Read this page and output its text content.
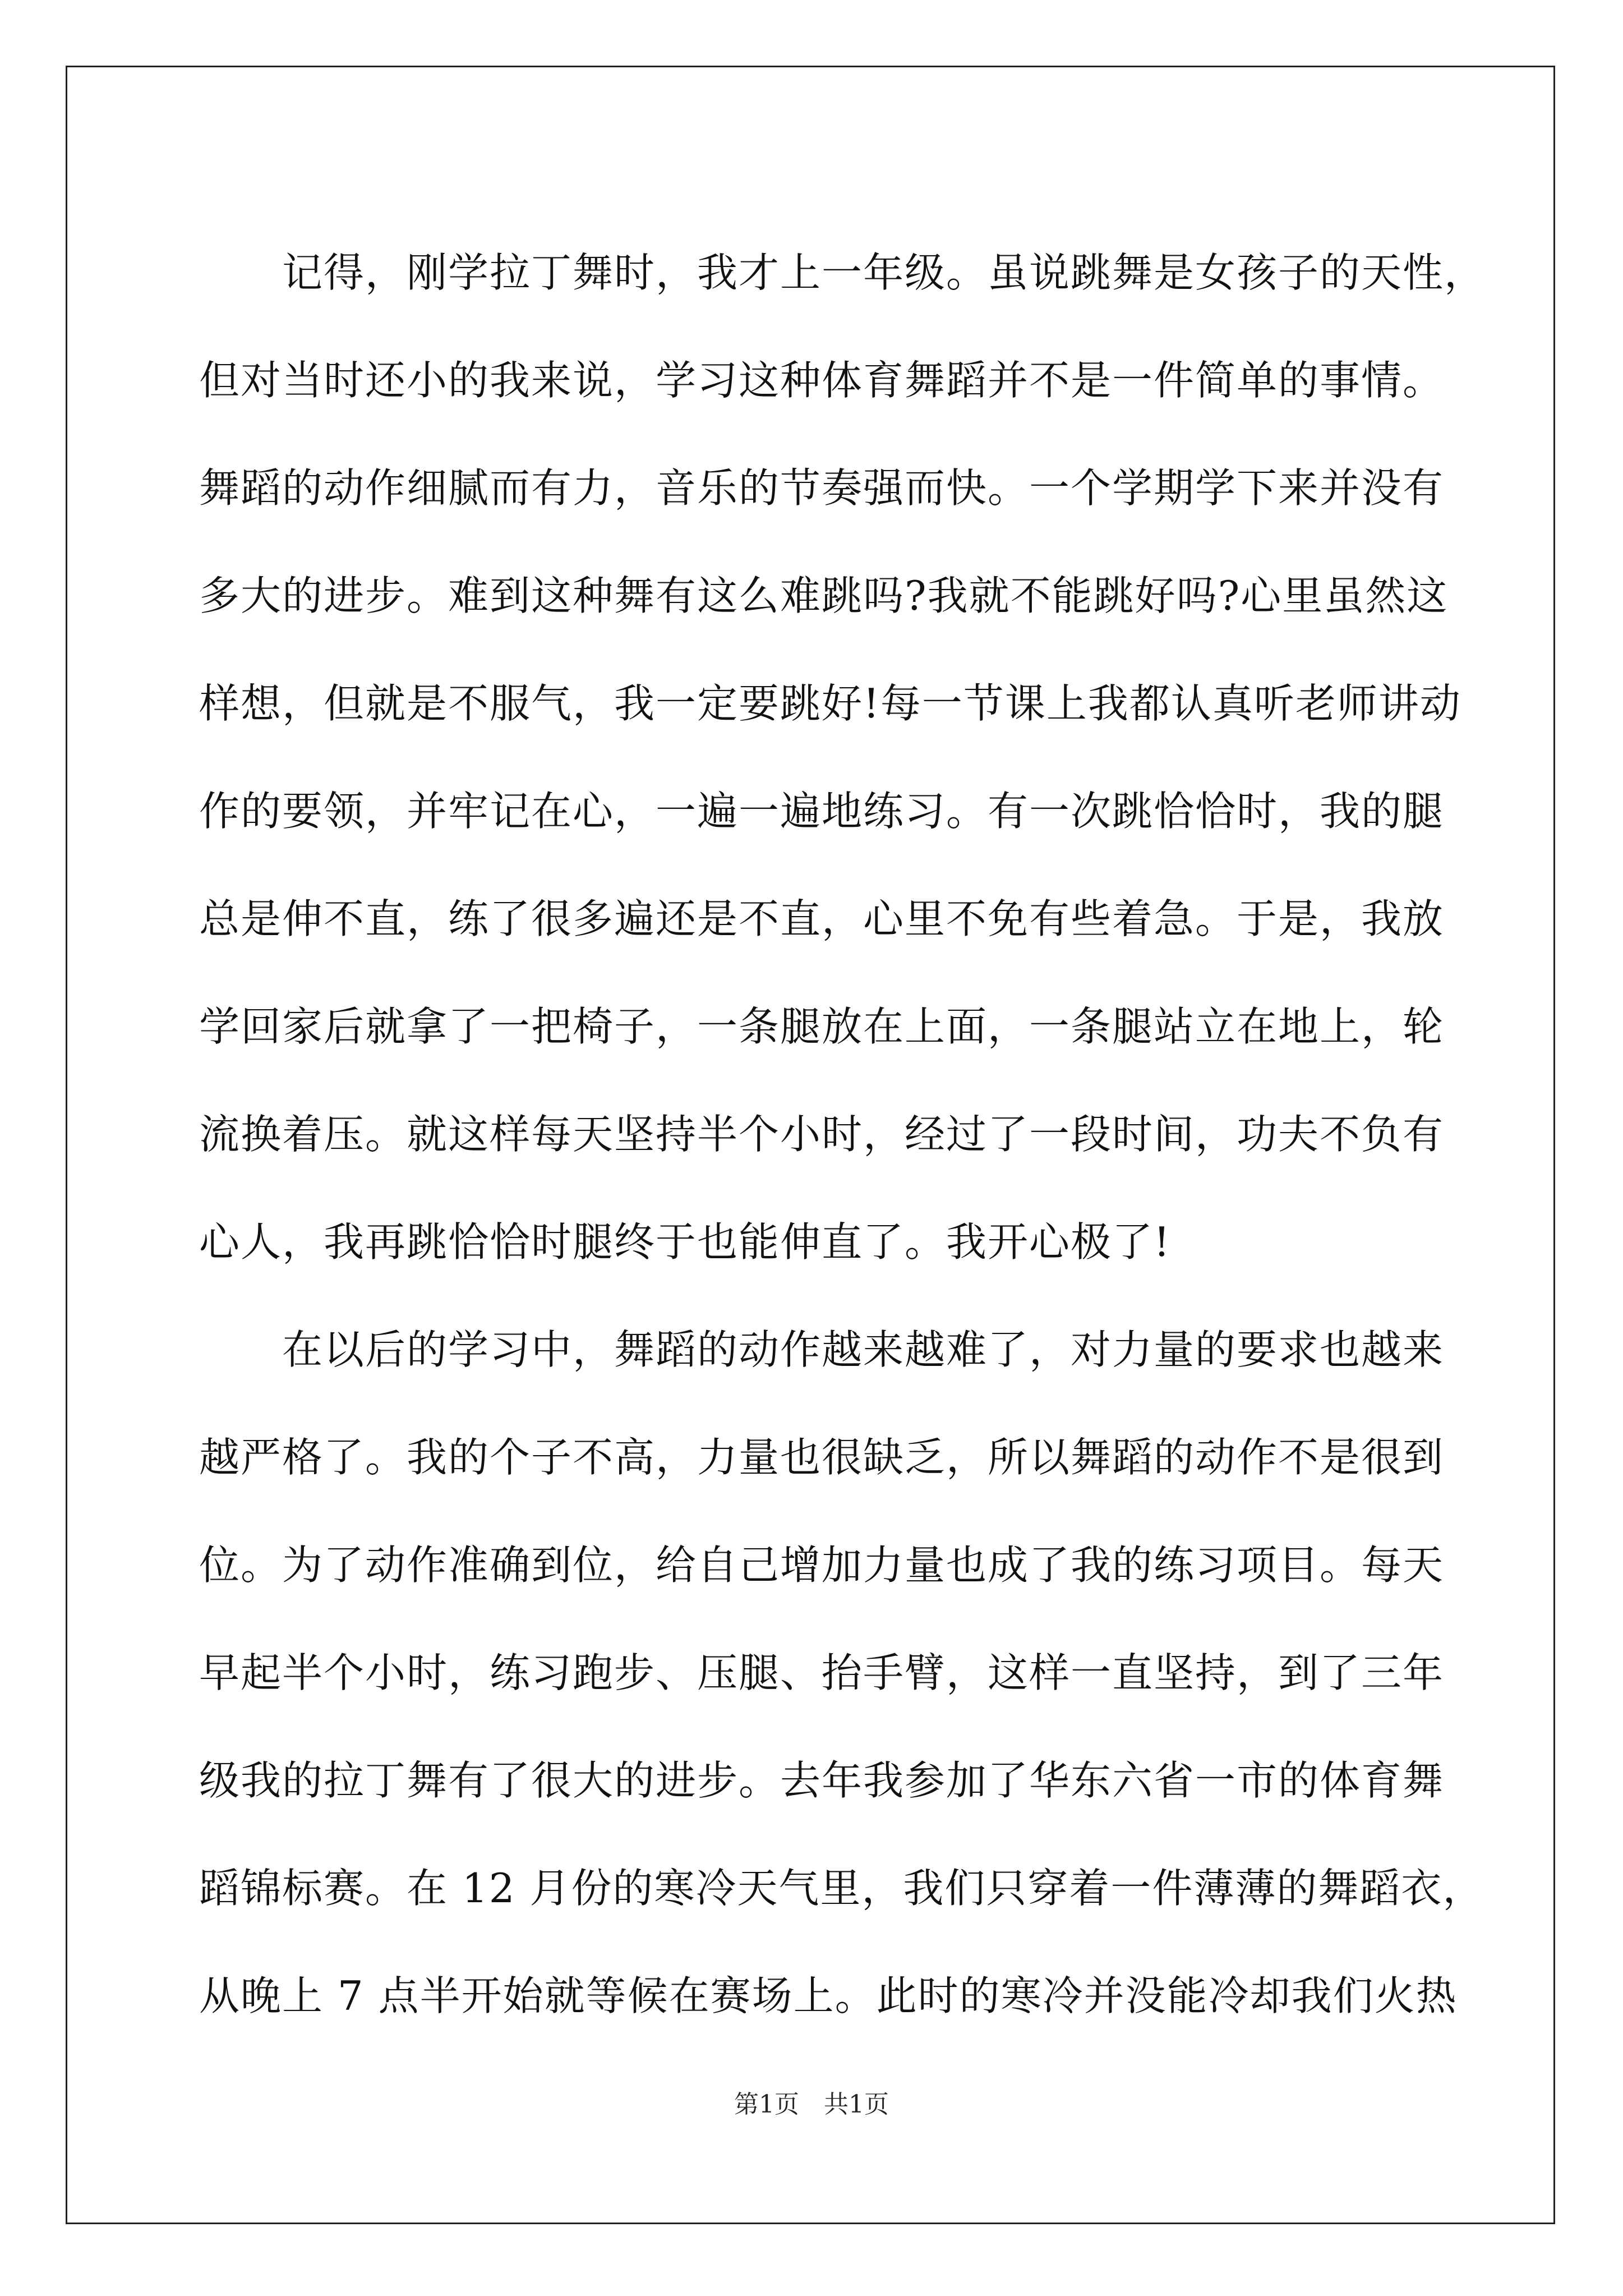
　　记得，刚学拉丁舞时，我才上一年级。虽说跳舞是女孩子的天性，
但对当时还小的我来说，学习这种体育舞蹈并不是一件简单的事情。
舞蹈的动作细腻而有力，音乐的节奏强而快。一个学期学下来并没有
多大的进步。难到这种舞有这么难跳吗?我就不能跳好吗?心里虽然这
样想，但就是不服气，我一定要跳好!每一节课上我都认真听老师讲动
作的要领，并牢记在心，一遍一遍地练习。有一次跳恰恰时，我的腿
总是伸不直，练了很多遍还是不直，心里不免有些着急。于是，我放
学回家后就拿了一把椅子，一条腿放在上面，一条腿站立在地上，轮
流换着压。就这样每天坚持半个小时，经过了一段时间，功夫不负有
心人，我再跳恰恰时腿终于也能伸直了。我开心极了!
　　在以后的学习中，舞蹈的动作越来越难了，对力量的要求也越来
越严格了。我的个子不高，力量也很缺乏，所以舞蹈的动作不是很到
位。为了动作准确到位，给自己增加力量也成了我的练习项目。每天
早起半个小时，练习跑步、压腿、抬手臂，这样一直坚持，到了三年
级我的拉丁舞有了很大的进步。去年我参加了华东六省一市的体育舞
蹈锦标赛。在 12 月份的寒冷天气里，我们只穿着一件薄薄的舞蹈衣，
从晚上 7 点半开始就等候在赛场上。此时的寒冷并没能冷却我们火热
第1页　共1页
